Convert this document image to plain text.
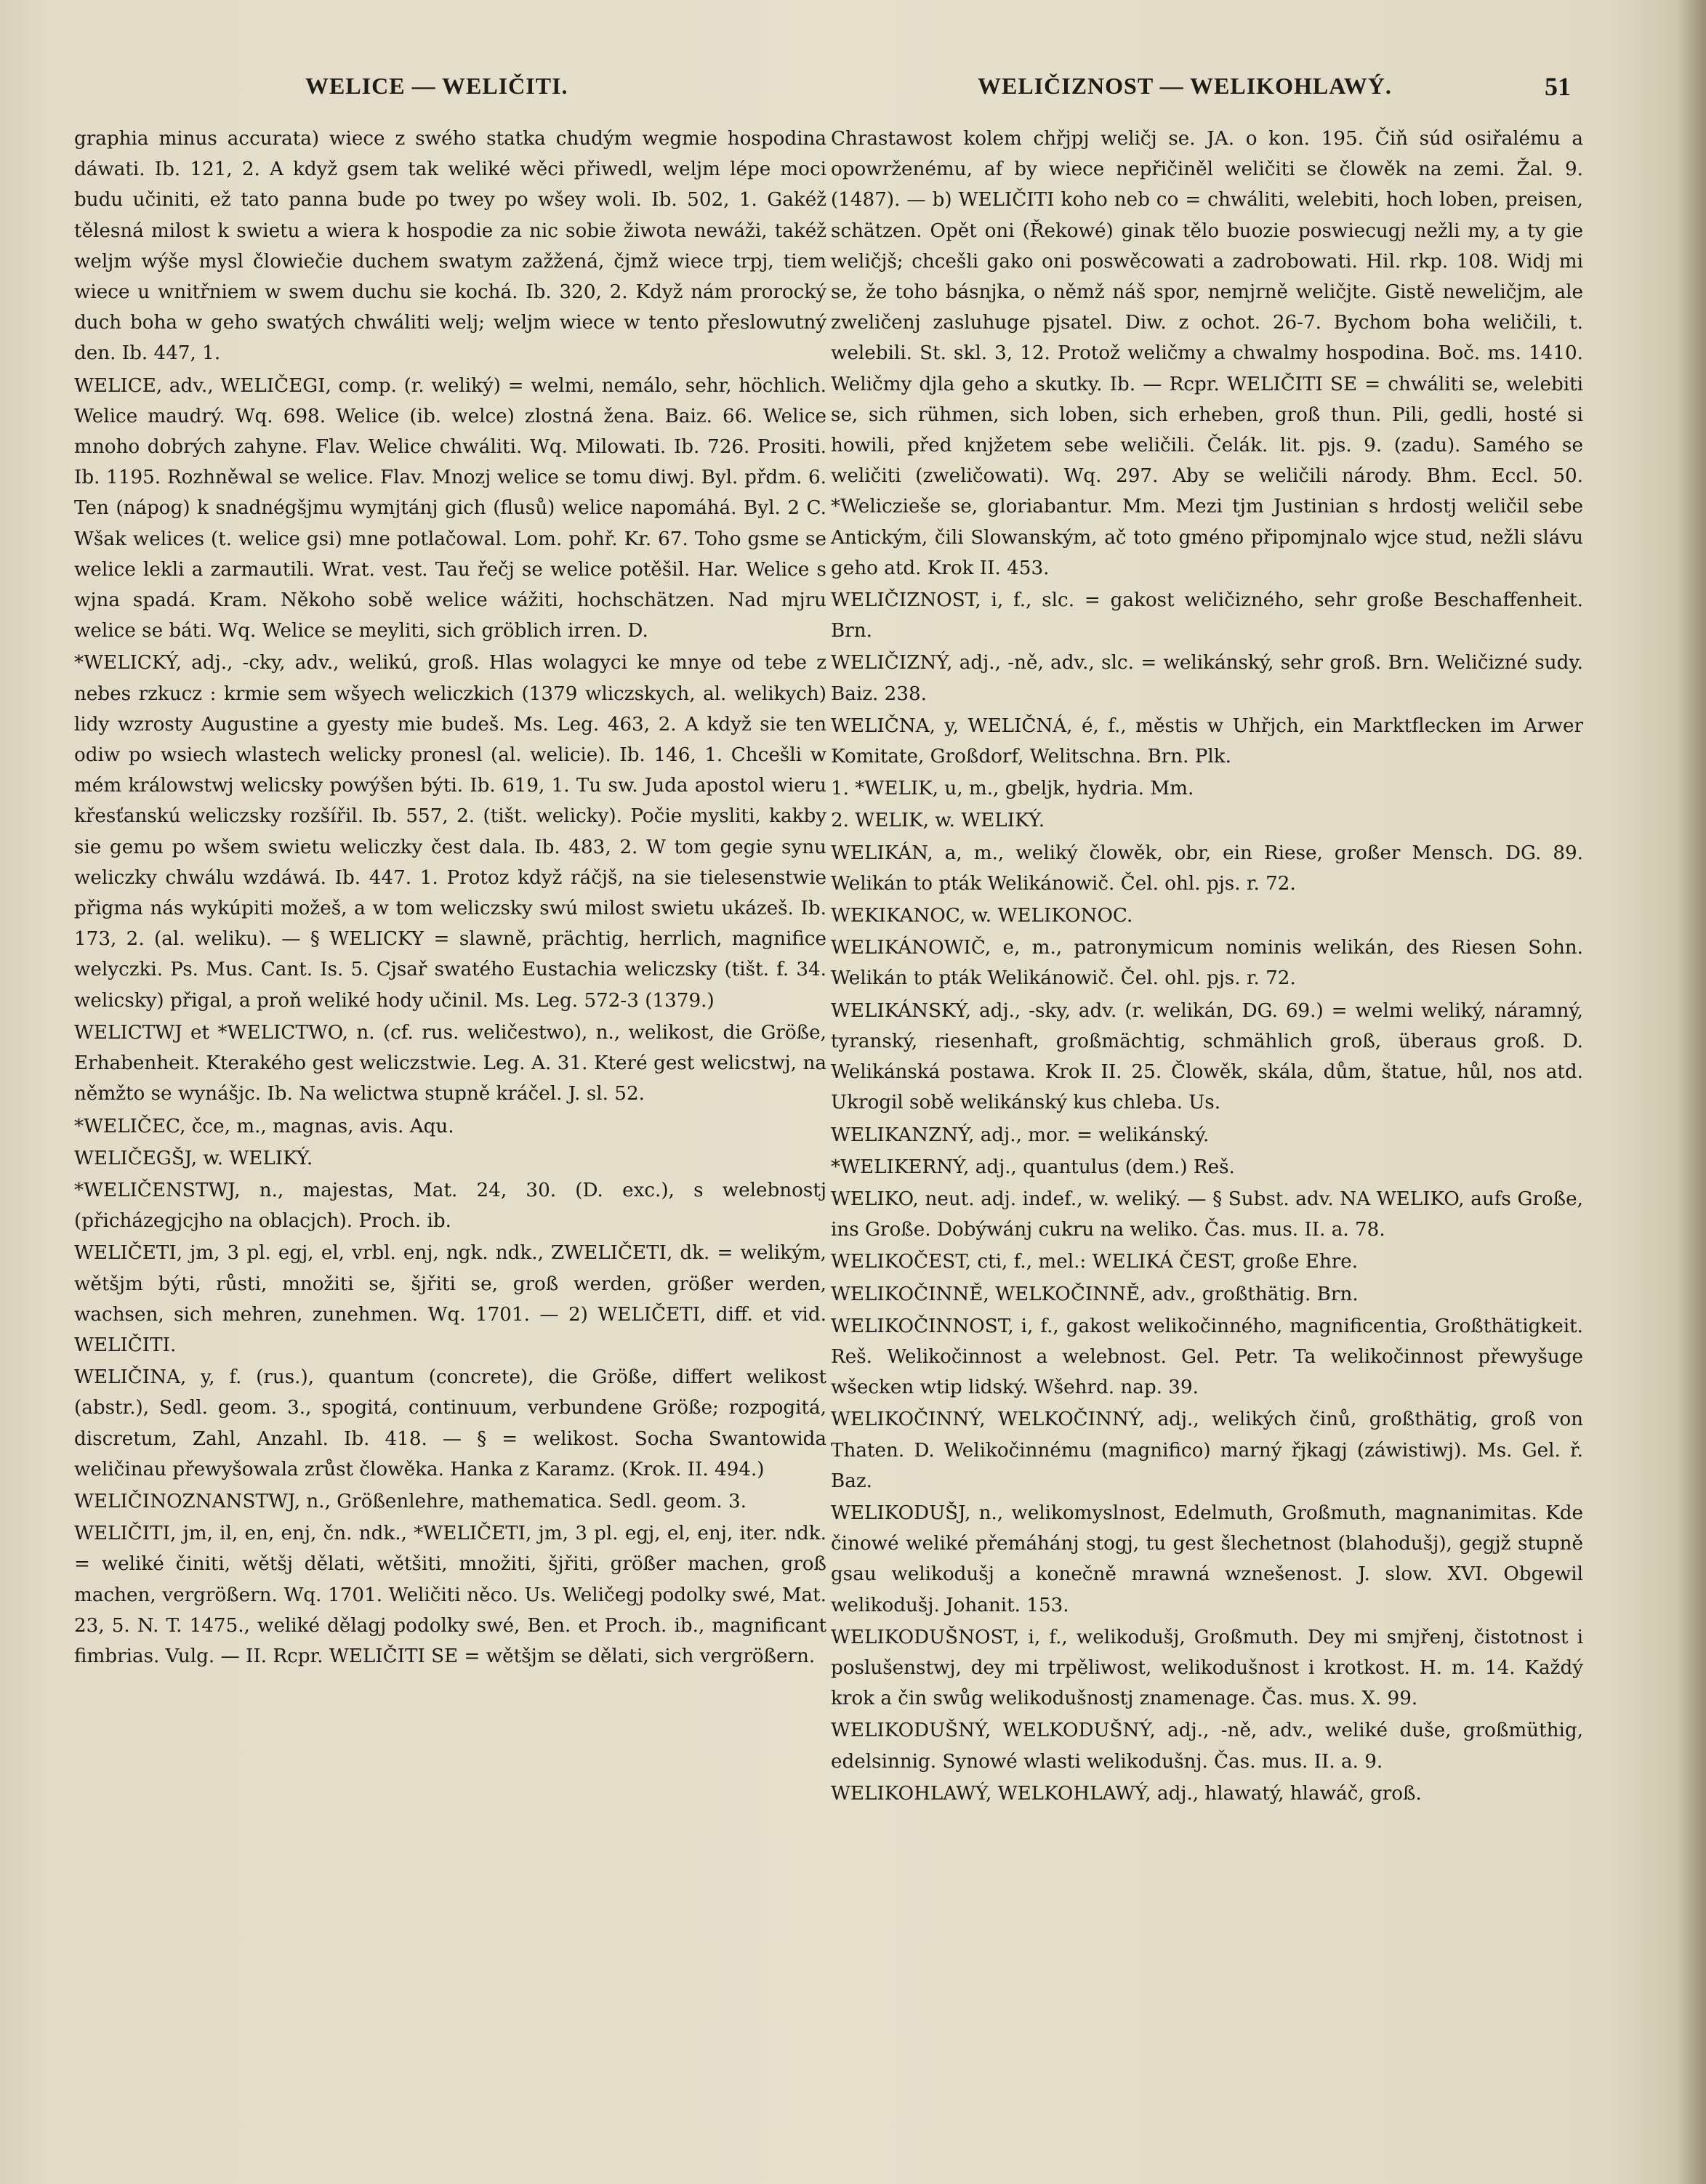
WELICE — WELIČITI.	WELIČIZNOST — WELIKOHLAWÝ.	51

graphia minus accurata) wiece z swého statka chudým wegmie hospodina dáwati. Ib. 121, 2. A když gsem tak weliké wěci přiwedl, weljm lépe moci budu učiniti, ež tato panna bude po twey po wšey woli. Ib. 502, 1. Gakéž tělesná milost k swietu a wiera k hospodie za nic sobie žiwota newáži, takéž weljm wýše mysl člowiečie duchem swatym zažžená, čjmž wiece trpj, tiem wiece u wnitřniem w swem duchu sie kochá. Ib. 320, 2. Když nám prorocký duch boha w geho swatých chwáliti welj; weljm wiece w tento přeslowutný den. Ib. 447, 1.

WELICE, adv., WELIČEGI, comp. (r. weliký) = welmi, nemálo, sehr, höchlich. Welice maudrý. Wq. 698. Welice (ib. welce) zlostná žena. Baiz. 66. Welice mnoho dobrých zahyne. Flav. Welice chwáliti. Wq. Milowati. Ib. 726. Prositi. Ib. 1195. Rozhněwal se welice. Flav. Mnozj welice se tomu diwj. Byl. přdm. 6. Ten (nápog) k snadnégšjmu wymjtánj gich (flusů) welice napomáhá. Byl. 2 C. Wšak welices (t. welice gsi) mne potlačowal. Lom. pohř. Kr. 67. Toho gsme se welice lekli a zarmautili. Wrat. vest. Tau řečj se welice potěšil. Har. Welice s wjna spadá. Kram. Někoho sobě welice wážiti, hochschätzen. Nad mjru welice se báti. Wq. Welice se meyliti, sich gröblich irren. D.

*WELICKÝ, adj., -cky, adv., welikú, groß. Hlas wolagyci ke mnye od tebe z nebes rzkucz : krmie sem wšyech weliczkich (1379 wliczskych, al. welikych) lidy wzrosty Augustine a gyesty mie budeš. Ms. Leg. 463, 2. A když sie ten odiw po wsiech wlastech welicky pronesl (al. welicie). Ib. 146, 1. Chcešli w mém králowstwj welicsky powýšen býti. Ib. 619, 1. Tu sw. Juda apostol wieru křesťanskú weliczsky rozšířil. Ib. 557, 2. (tišt. welicky). Počie mysliti, kakby sie gemu po wšem swietu weliczky čest dala. Ib. 483, 2. W tom gegie synu weliczky chwálu wzdáwá. Ib. 447. 1. Protoz když ráčjš, na sie tielesenstwie přigma nás wykúpiti možeš, a w tom weliczsky swú milost swietu ukázeš. Ib. 173, 2. (al. weliku). — § WELICKY = slawně, prächtig, herrlich, magnifice welyczki. Ps. Mus. Cant. Is. 5. Cjsař swatého Eustachia weliczsky (tišt. f. 34. welicsky) přigal, a proň weliké hody učinil. Ms. Leg. 572-3 (1379.)

WELICTWJ et *WELICTWO, n. (cf. rus. weličestwo), n., welikost, die Größe, Erhabenheit. Kterakého gest weliczstwie. Leg. A. 31. Které gest welicstwj, na němžto se wynášjc. Ib. Na welictwa stupně kráčel. J. sl. 52.

*WELIČEC, čce, m., magnas, avis. Aqu.

WELIČEGŠJ, w. WELIKÝ.

*WELIČENSTWJ, n., majestas, Mat. 24, 30. (D. exc.), s welebnostj (přicházegjcjho na oblacjch). Proch. ib.

WELIČETI, jm, 3 pl. egj, el, vrbl. enj, ngk. ndk., ZWELIČETI, dk. = welikým, wětšjm býti, růsti, množiti se, šjřiti se, groß werden, größer werden, wachsen, sich mehren, zunehmen. Wq. 1701. — 2) WELIČETI, diff. et vid. WELIČITI.

WELIČINA, y, f. (rus.), quantum (concrete), die Größe, differt welikost (abstr.), Sedl. geom. 3., spogitá, continuum, verbundene Größe; rozpogitá, discretum, Zahl, Anzahl. Ib. 418. — § = welikost. Socha Swantowida weličinau přewyšowala zrůst člowěka. Hanka z Karamz. (Krok. II. 494.)

WELIČINOZNANSTWJ, n., Größenlehre, mathematica. Sedl. geom. 3.

WELIČITI, jm, il, en, enj, čn. ndk., *WELIČETI, jm, 3 pl. egj, el, enj, iter. ndk. = weliké činiti, wětšj dělati, wětšiti, množiti, šjřiti, größer machen, groß machen, vergrößern. Wq. 1701. Weličiti něco. Us. Weličegj podolky swé, Mat. 23, 5. N. T. 1475., weliké dělagj podolky swé, Ben. et Proch. ib., magnificant fimbrias. Vulg. — II. Rcpr. WELIČITI SE = wětšjm se dělati, sich vergrößern.

Chrastawost kolem chřjpj weličj se. JA. o kon. 195. Čiň súd osiřalému a opowrženému, af by wiece nepřičiněl weličiti se člowěk na zemi. Žal. 9. (1487). — b) WELIČITI koho neb co = chwáliti, welebiti, hoch loben, preisen, schätzen. Opět oni (Řekowé) ginak tělo buozie poswiecugj nežli my, a ty gie weličjš; chcešli gako oni poswěcowati a zadrobowati. Hil. rkp. 108. Widj mi se, že toho básnjka, o němž náš spor, nemjrně weličjte. Gistě neweličjm, ale zweličenj zasluhuge pjsatel. Diw. z ochot. 26-7. Bychom boha weličili, t. welebili. St. skl. 3, 12. Protož weličmy a chwalmy hospodina. Boč. ms. 1410. Weličmy djla geho a skutky. Ib. — Rcpr. WELIČITI SE = chwáliti se, welebiti se, sich rühmen, sich loben, sich erheben, groß thun. Pili, gedli, hosté si howili, před knjžetem sebe weličili. Čelák. lit. pjs. 9. (zadu). Samého se weličiti (zweličowati). Wq. 297. Aby se weličili národy. Bhm. Eccl. 50. *Weliczieše se, gloriabantur. Mm. Mezi tjm Justinian s hrdostj weličil sebe Antickým, čili Slowanským, ač toto gméno připomjnalo wjce stud, nežli slávu geho atd. Krok II. 453.

WELIČIZNOST, i, f., slc. = gakost weličizného, sehr große Beschaffenheit. Brn.

WELIČIZNÝ, adj., -ně, adv., slc. = welikánský, sehr groß. Brn. Weličizné sudy. Baiz. 238.

WELIČNA, y, WELIČNÁ, é, f., městis w Uhřjch, ein Marktflecken im Arwer Komitate, Großdorf, Welitschna. Brn. Plk.

1. *WELIK, u, m., gbeljk, hydria. Mm.

2. WELIK, w. WELIKÝ.

WELIKÁN, a, m., weliký člowěk, obr, ein Riese, großer Mensch. DG. 89. Welikán to pták Welikánowič. Čel. ohl. pjs. r. 72.

WEKIKANOC, w. WELIKONOC.

WELIKÁNOWIČ, e, m., patronymicum nominis welikán, des Riesen Sohn. Welikán to pták Welikánowič. Čel. ohl. pjs. r. 72.

WELIKÁNSKÝ, adj., -sky, adv. (r. welikán, DG. 69.) = welmi weliký, náramný, tyranský, riesenhaft, großmächtig, schmählich groß, überaus groß. D. Welikánská postawa. Krok II. 25. Člowěk, skála, dům, štatue, hůl, nos atd. Ukrogil sobě welikánský kus chleba. Us.

WELIKANZNÝ, adj., mor. = welikánský.

*WELIKERNÝ, adj., quantulus (dem.) Reš.

WELIKO, neut. adj. indef., w. weliký. — § Subst. adv. NA WELIKO, aufs Große, ins Große. Dobýwánj cukru na weliko. Čas. mus. II. a. 78.

WELIKOČEST, cti, f., mel.: WELIKÁ ČEST, große Ehre.

WELIKOČINNĚ, WELKOČINNĚ, adv., großthätig. Brn.

WELIKOČINNOST, i, f., gakost welikočinného, magnificentia, Großthätigkeit. Reš. Welikočinnost a welebnost. Gel. Petr. Ta welikočinnost přewyšuge wšecken wtip lidský. Wšehrd. nap. 39.

WELIKOČINNÝ, WELKOČINNÝ, adj., welikých činů, großthätig, groß von Thaten. D. Welikočinnému (magnifico) marný řjkagj (záwistiwj). Ms. Gel. ř. Baz.

WELIKODUŠJ, n., welikomyslnost, Edelmuth, Großmuth, magnanimitas. Kde činowé weliké přemáhánj stogj, tu gest šlechetnost (blahodušj), gegjž stupně gsau welikodušj a konečně mrawná wznešenost. J. slow. XVI. Obgewil welikodušj. Johanit. 153.

WELIKODUŠNOST, i, f., welikodušj, Großmuth. Dey mi smjřenj, čistotnost i poslušenstwj, dey mi trpěliwost, welikodušnost i krotkost. H. m. 14. Každý krok a čin swůg welikodušnostj znamenage. Čas. mus. X. 99.

WELIKODUŠNÝ, WELKODUŠNÝ, adj., -ně, adv., weliké duše, großmüthig, edelsinnig. Synowé wlasti welikodušnj. Čas. mus. II. a. 9.

WELIKOHLAWÝ, WELKOHLAWÝ, adj., hlawatý, hlawáč, groß.
